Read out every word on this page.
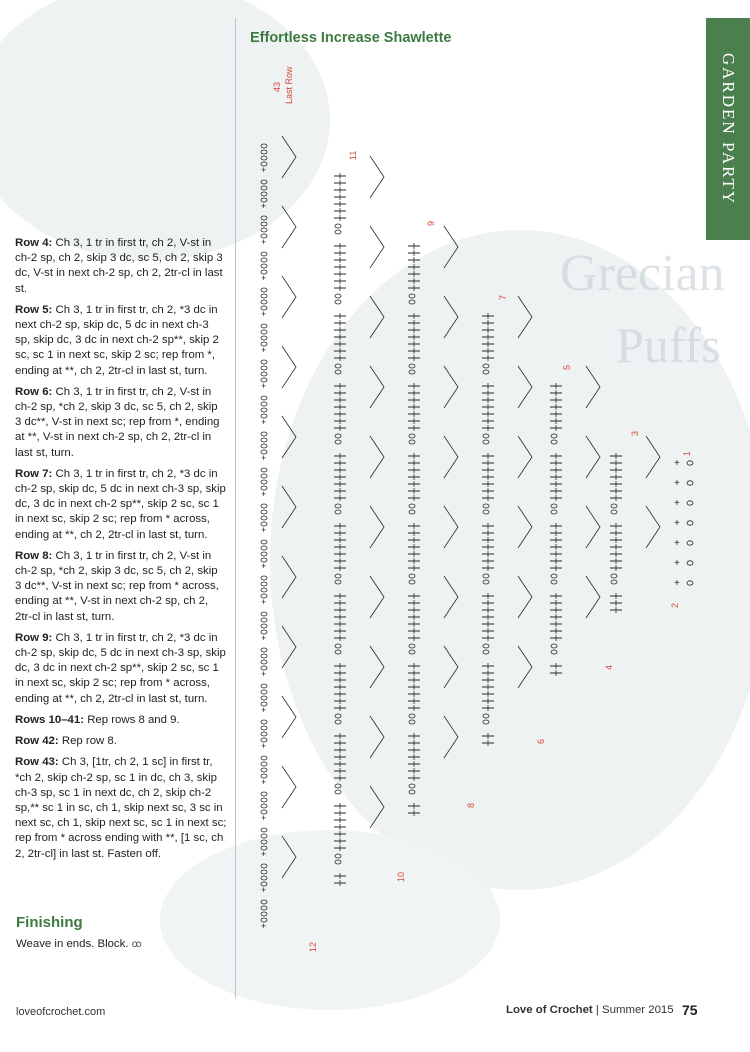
Grecian
Puffs
Effortless Increase Shawlette
GARDEN PARTY

Row 4: Ch 3, 1 tr in first tr, ch 2, V-st in ch-2 sp, ch 2, skip 3 dc, sc 5, ch 2, skip 3 dc, V-st in next ch-2 sp, ch 2, 2tr-cl in last st.

Row 5: Ch 3, 1 tr in first tr, ch 2, *3 dc in next ch-2 sp, skip dc, 5 dc in next ch-3 sp, skip dc, 3 dc in next ch-2 sp**, skip 2 sc, sc 1 in next sc, skip 2 sc; rep from *, ending at **, ch 2, 2tr-cl in last st, turn.

Row 6: Ch 3, 1 tr in first tr, ch 2, V-st in ch-2 sp, *ch 2, skip 3 dc, sc 5, ch 2, skip 3 dc**, V-st in next sc; rep from *, ending at **, V-st in next ch-2 sp, ch 2, 2tr-cl in last st, turn.

Row 7: Ch 3, 1 tr in first tr, ch 2, *3 dc in ch-2 sp, skip dc, 5 dc in next ch-3 sp, skip dc, 3 dc in next ch-2 sp**, skip 2 sc, sc 1 in next sc, skip 2 sc; rep from * across, ending at **, ch 2, 2tr-cl in last st, turn.

Row 8: Ch 3, 1 tr in first tr, ch 2, V-st in ch-2 sp, *ch 2, skip 3 dc, sc 5, ch 2, skip 3 dc**, V-st in next sc; rep from * across, ending at **, V-st in next ch-2 sp, ch 2, 2tr-cl in last st, turn.

Row 9: Ch 3, 1 tr in first tr, ch 2, *3 dc in ch-2 sp, skip dc, 5 dc in next ch-3 sp, skip dc, 3 dc in next ch-2 sp**, skip 2 sc, sc 1 in next sc, skip 2 sc; rep from * across, ending at **, ch 2, 2tr-cl in last st, turn.

Rows 10–41: Rep rows 8 and 9.

Row 42: Rep row 8.

Row 43: Ch 3, [1tr, ch 2, 1 sc] in first tr, *ch 2, skip ch-2 sp, sc 1 in dc, ch 3, skip ch-3 sp, sc 1 in next dc, ch 2, skip ch-2 sp,** sc 1 in sc, ch 1, skip next sc, 3 sc in next sc, ch 1, skip next sc, sc 1 in next sc; rep from * across ending with **, [1 sc, ch 2, 2tr-cl] in last st. Fasten off.

Finishing
Weave in ends. Block. ꝏ
+
+
+
+
+
+
+
+
+
+
+
+
+
+
+
+
+
+
+
+
+
+
+
+
+
+
+
+
+
43 Last Row
11
9
7
5
3
1
2
4
6
8
10
12
loveofcrochet.com	Love of Crochet | Summer 2015 75
